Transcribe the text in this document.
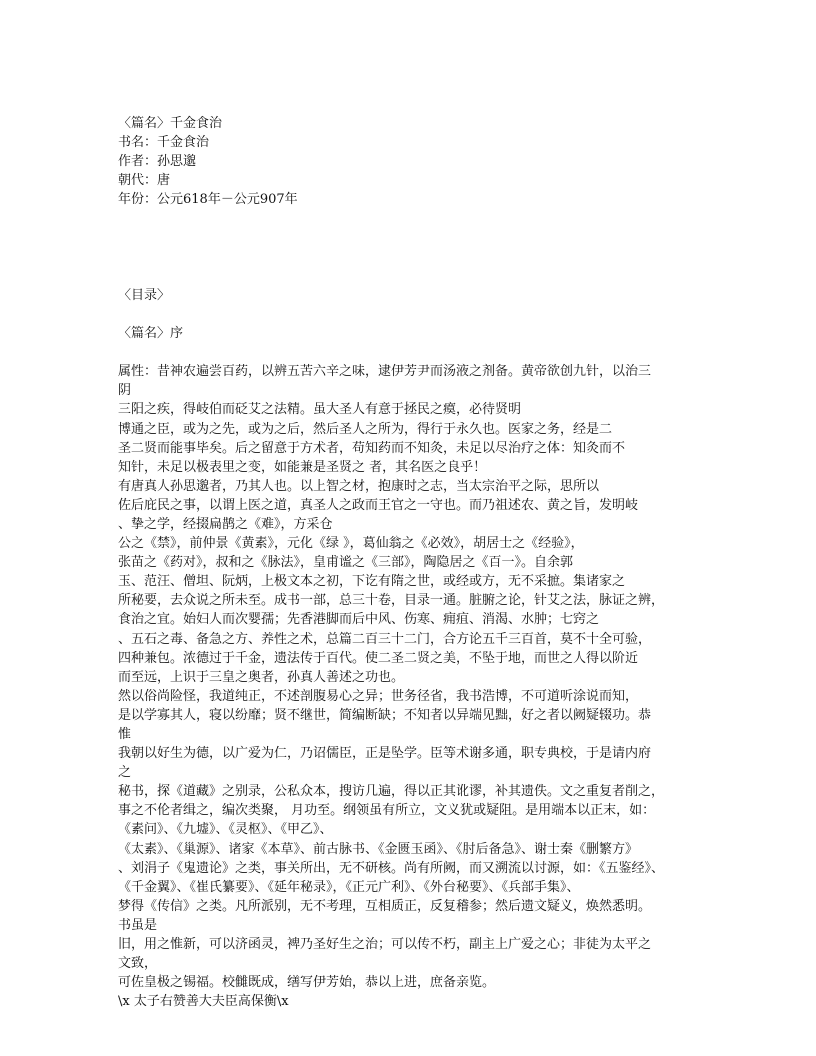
〈篇名〉千金食治
书名：千金食治
作者：孙思邈
朝代：唐
年份：公元618年－公元907年
〈目录〉
〈篇名〉序
属性：昔神农遍尝百药，以辨五苦六辛之味，逮伊芳尹而汤液之剂备。黄帝欲创九针，以治三
阴
三阳之疾，得岐伯而砭艾之法精。虽大圣人有意于拯民之瘼，必待贤明
博通之臣，或为之先，或为之后，然后圣人之所为，得行于永久也。医家之务，经是二
圣二贤而能事毕矣。后之留意于方术者，苟知药而不知灸，未足以尽治疗之体：知灸而不
知针，未足以极表里之变，如能兼是圣贤之 者，其名医之良乎！
有唐真人孙思邈者，乃其人也。以上智之材，抱康时之志，当太宗治平之际，思所以
佐后庇民之事，以谓上医之道，真圣人之政而王官之一守也。而乃祖述农、黄之旨，发明岐
、挚之学，经掇扁鹊之《难》，方采仓
公之《禁》，前仲景《黄素》，元化《绿 》，葛仙翁之《必效》，胡居士之《经验》，
张苗之《药对》，叔和之《脉法》，皇甫谧之《三部》，陶隐居之《百一》。自余郭
玉、范汪、僧坦、阮炳，上极文本之初，下讫有隋之世，或经或方，无不采摭。集诸家之
所秘要，去众说之所未至。成书一部，总三十卷，目录一通。脏腑之论，针艾之法，脉证之辨，
食治之宜。始妇人而次婴孺；先香港脚而后中风、伤寒、痈疽、消渴、水肿；七窍之
、五石之毒、备急之方、养性之术，总篇二百三十二门，合方论五千三百首，莫不十全可验，
四种兼包。浓德过于千金，遗法传于百代。使二圣二贤之美，不坠于地，而世之人得以阶近
而至远，上识于三皇之奥者，孙真人善述之功也。
然以俗尚险怪，我道纯正，不述剖腹易心之异；世务径省，我书浩博，不可道听涂说而知，
是以学寡其人，寝以纷靡；贤不继世，简编断缺；不知者以异端见黜，好之者以阙疑辍功。恭
惟
我朝以好生为德，以广爱为仁，乃诏儒臣，正是坠学。臣等术谢多通，职专典校，于是请内府
之
秘书，探《道藏》之别录，公私众本，搜访几遍，得以正其讹谬，补其遗佚。文之重复者削之，
事之不伦者缉之，编次类聚， 月功至。纲领虽有所立，文义犹或疑阻。是用端本以正末，如：
《素问》、《九墟》、《灵枢》、《甲乙》、
《太素》、《巢源》、诸家《本草》、前古脉书、《金匮玉函》、《肘后备急》、谢士秦《删繁方》
、刘涓子《鬼遗论》之类，事关所出，无不研核。尚有所阙，而又溯流以讨源，如：《五鉴经》、
《千金翼》、《崔氏纂要》、《延年秘录》，《正元广利》、《外台秘要》、《兵部手集》、
梦得《传信》之类。凡所派别，无不考理，互相质正，反复稽参；然后遗文疑义，焕然悉明。
书虽是
旧，用之惟新，可以济函灵，裨乃圣好生之治；可以传不朽，副主上广爱之心；非徒为太平之
文致，
可佐皇极之锡福。校雠既成，缮写伊芳始，恭以上进，庶备亲览。
\x 太子右赞善大夫臣高保衡\x
